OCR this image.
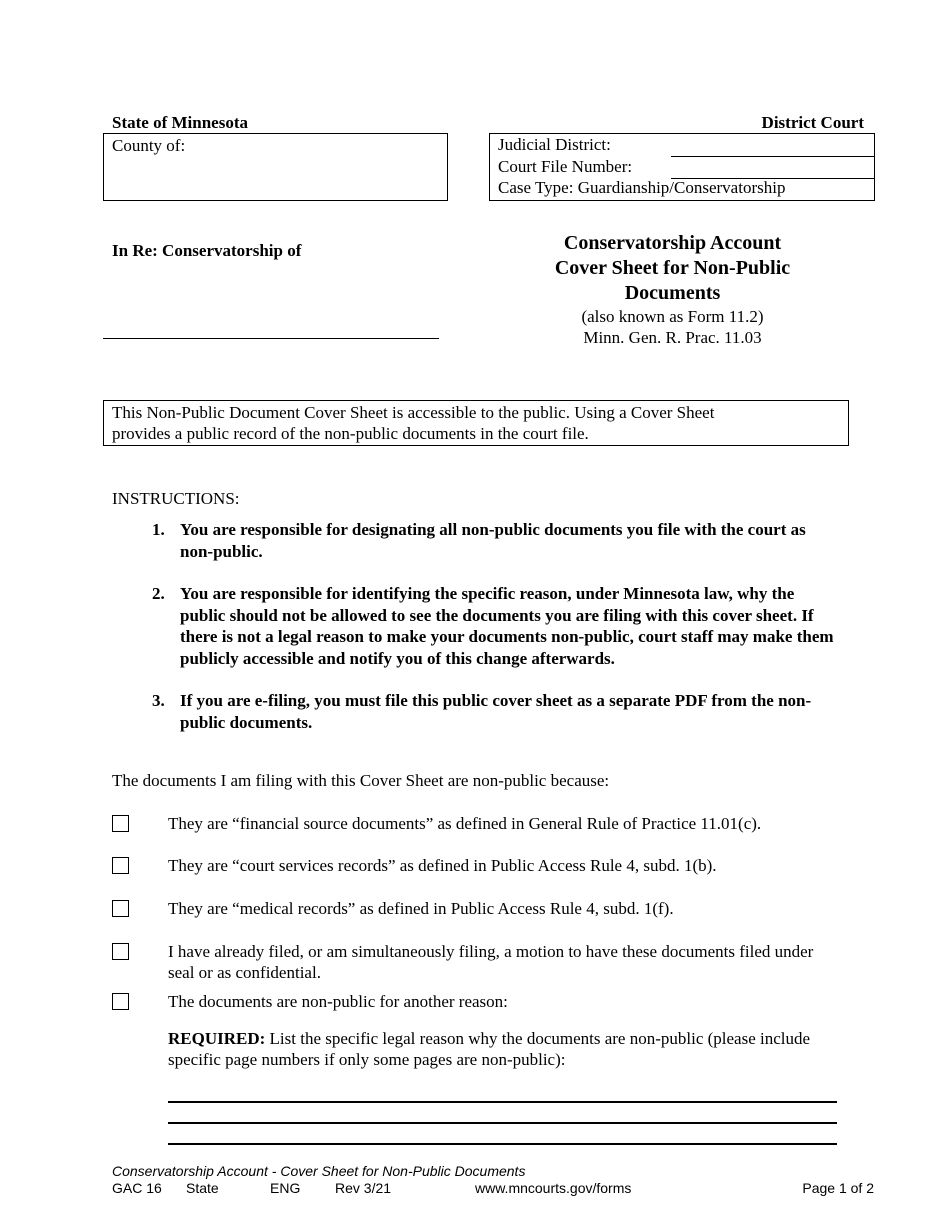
State of Minnesota	District Court
County of:	Judicial District:
Court File Number:
Case Type: Guardianship/Conservatorship
In Re: Conservatorship of	Conservatorship Account
Cover Sheet for Non-Public
Documents
(also known as Form 11.2)
Minn. Gen. R. Prac. 11.03
This Non-Public Document Cover Sheet is accessible to the public. Using a Cover Sheet
provides a public record of the non-public documents in the court file.
INSTRUCTIONS:
1. You are responsible for designating all non-public documents you file with the court as non-public.
2. You are responsible for identifying the specific reason, under Minnesota law, why the public should not be allowed to see the documents you are filing with this cover sheet. If there is not a legal reason to make your documents non-public, court staff may make them publicly accessible and notify you of this change afterwards.
3. If you are e-filing, you must file this public cover sheet as a separate PDF from the non-public documents.
The documents I am filing with this Cover Sheet are non-public because:
They are “financial source documents” as defined in General Rule of Practice 11.01(c).
They are “court services records” as defined in Public Access Rule 4, subd. 1(b).
They are “medical records” as defined in Public Access Rule 4, subd. 1(f).
I have already filed, or am simultaneously filing, a motion to have these documents filed under seal or as confidential.
The documents are non-public for another reason:
REQUIRED: List the specific legal reason why the documents are non-public (please include specific page numbers if only some pages are non-public):
Conservatorship Account - Cover Sheet for Non-Public Documents
GAC 16 State	ENG Rev 3/21	www.mncourts.gov/forms	Page 1 of 2
